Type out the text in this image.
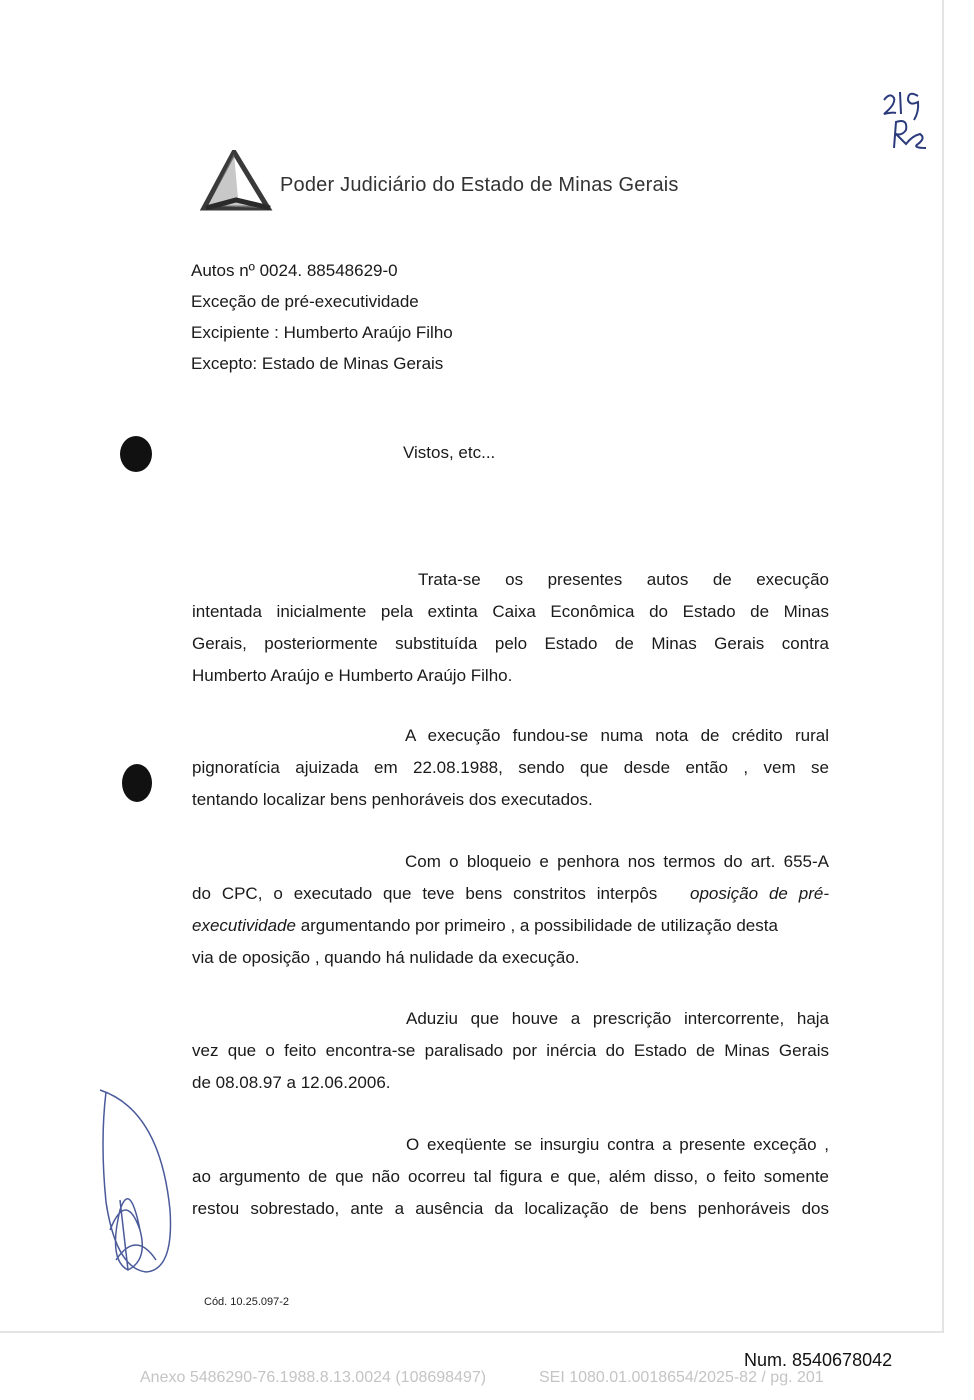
Poder Judiciário do Estado de Minas Gerais
Autos nº 0024. 88548629-0
Exceção de pré-executividade
Excipiente : Humberto Araújo Filho
Excepto: Estado de Minas Gerais
Vistos, etc...
Trata-se os presentes autos de execução
intentada inicialmente pela extinta Caixa Econômica do Estado de Minas
Gerais, posteriormente substituída pelo Estado de Minas Gerais contra
Humberto Araújo e Humberto Araújo Filho.
A execução fundou-se numa nota de crédito rural
pignoratícia ajuizada em 22.08.1988, sendo que desde então , vem se
tentando localizar bens penhoráveis dos executados.
Com o bloqueio e penhora nos termos do art. 655-A
do CPC, o executado que teve bens constritos interpôs oposição de pré-
executividade argumentando por primeiro , a possibilidade de utilização desta
via de oposição , quando há nulidade da execução.
Aduziu que houve a prescrição intercorrente, haja
vez que o feito encontra-se paralisado por inércia do Estado de Minas Gerais
de 08.08.97 a 12.06.2006.
O exeqüente se insurgiu contra a presente exceção ,
ao argumento de que não ocorreu tal figura e que, além disso, o feito somente
restou sobrestado, ante a ausência da localização de bens penhoráveis dos
Cód. 10.25.097-2
Num. 8540678042
Anexo 5486290-76.1988.8.13.0024 (108698497)	SEI 1080.01.0018654/2025-82 / pg. 201
